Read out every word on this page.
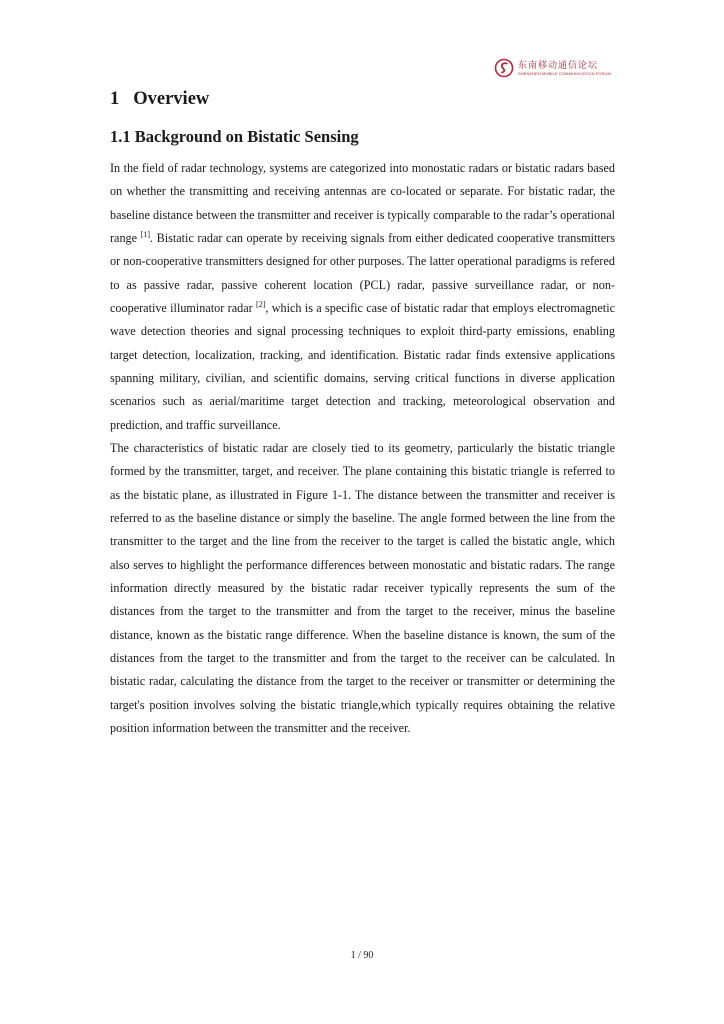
东南移动通信论坛
SHENZHEN MOBILE COMMUNICATION FORUM
1 Overview
1.1 Background on Bistatic Sensing

In the field of radar technology, systems are categorized into monostatic radars or bistatic radars based on whether the transmitting and receiving antennas are co-located or separate. For bistatic radar, the baseline distance between the transmitter and receiver is typically comparable to the radar’s operational range [1]. Bistatic radar can operate by receiving signals from either dedicated cooperative transmitters or non-cooperative transmitters designed for other purposes. The latter operational paradigms is refered to as passive radar, passive coherent location (PCL) radar, passive surveillance radar, or non-cooperative illuminator radar [2], which is a specific case of bistatic radar that employs electromagnetic wave detection theories and signal processing techniques to exploit third-party emissions, enabling target detection, localization, tracking, and identification. Bistatic radar finds extensive applications spanning military, civilian, and scientific domains, serving critical functions in diverse application scenarios such as aerial/maritime target detection and tracking, meteorological observation and prediction, and traffic surveillance.

The characteristics of bistatic radar are closely tied to its geometry, particularly the bistatic triangle formed by the transmitter, target, and receiver. The plane containing this bistatic triangle is referred to as the bistatic plane, as illustrated in Figure 1-1. The distance between the transmitter and receiver is referred to as the baseline distance or simply the baseline. The angle formed between the line from the transmitter to the target and the line from the receiver to the target is called the bistatic angle, which also serves to highlight the performance differences between monostatic and bistatic radars. The range information directly measured by the bistatic radar receiver typically represents the sum of the distances from the target to the transmitter and from the target to the receiver, minus the baseline distance, known as the bistatic range difference. When the baseline distance is known, the sum of the distances from the target to the transmitter and from the target to the receiver can be calculated. In bistatic radar, calculating the distance from the target to the receiver or transmitter or determining the target's position involves solving the bistatic triangle,which typically requires obtaining the relative position information between the transmitter and the receiver.

1 / 90
